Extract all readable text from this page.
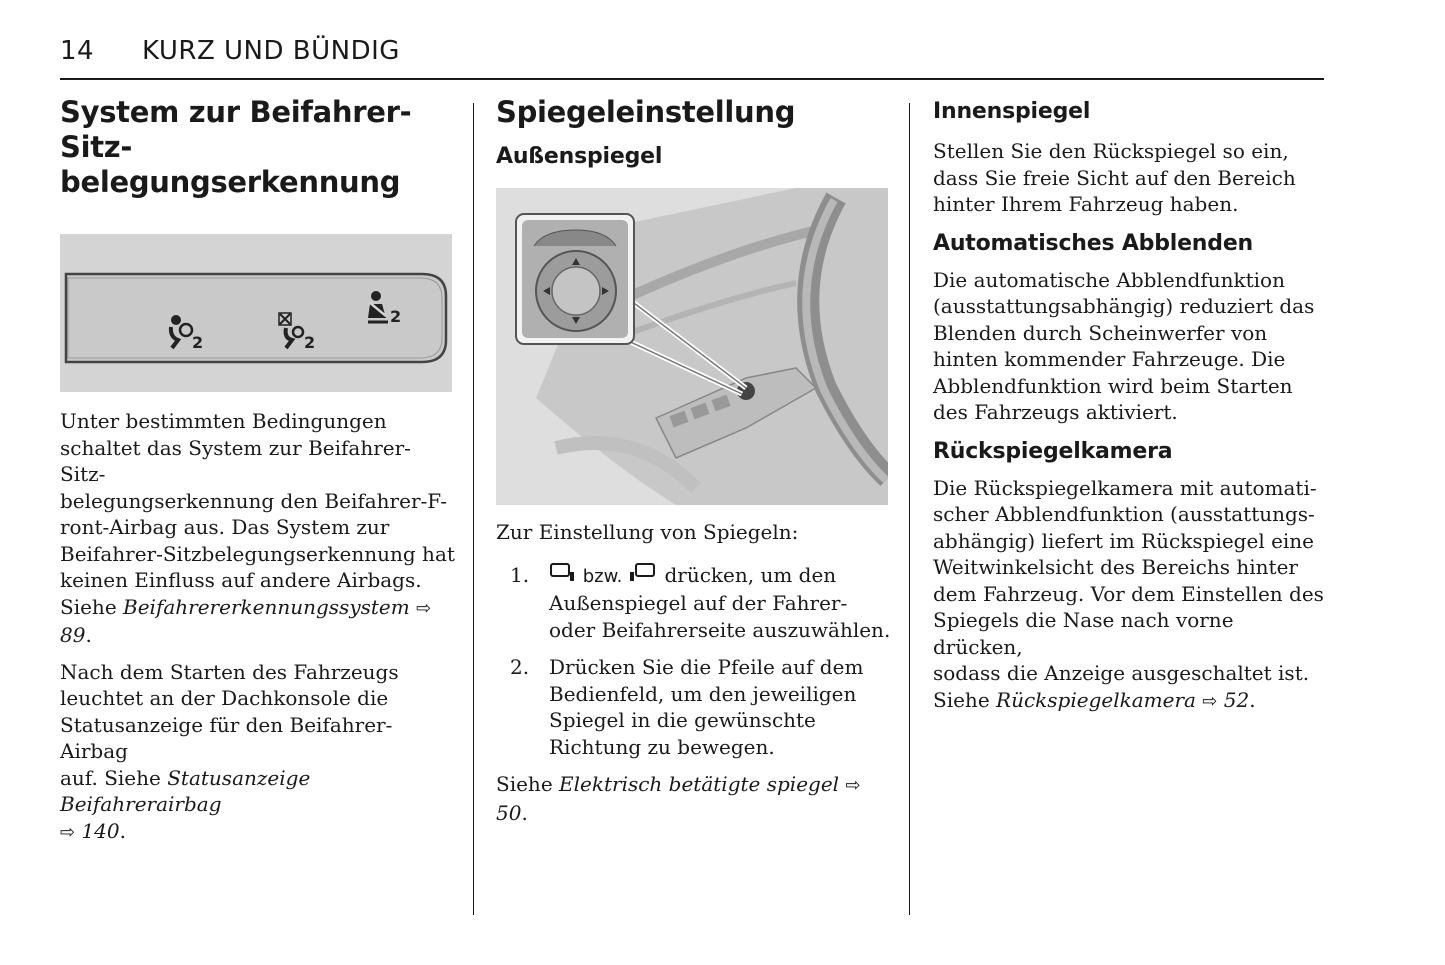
14 KURZ UND BÜNDIG
System zur Beifahrer-Sitz-
belegungserkennung
2	2
2

Unter bestimmten Bedingungen
schaltet das System zur Beifahrer-Sitz-
belegungserkennung den Beifahrer-F-
ront-Airbag aus. Das System zur
Beifahrer-Sitzbelegungserkennung hat
keinen Einfluss auf andere Airbags.
Siehe Beifahrererkennungssystem ⇨ 89.

Nach dem Starten des Fahrzeugs
leuchtet an der Dachkonsole die
Statusanzeige für den Beifahrer-Airbag
auf. Siehe Statusanzeige Beifahrerairbag
⇨ 140.

Spiegeleinstellung
Außenspiegel

Zur Einstellung von Spiegeln:

1.	bzw.  drücken, um den
Außenspiegel auf der Fahrer-
oder Beifahrerseite auszuwählen.
2. Drücken Sie die Pfeile auf dem
Bedienfeld, um den jeweiligen
Spiegel in die gewünschte
Richtung zu bewegen.

Siehe Elektrisch betätigte spiegel ⇨ 50.

Innenspiegel

Stellen Sie den Rückspiegel so ein,
dass Sie freie Sicht auf den Bereich
hinter Ihrem Fahrzeug haben.

Automatisches Abblenden

Die automatische Abblendfunktion
(ausstattungsabhängig) reduziert das
Blenden durch Scheinwerfer von
hinten kommender Fahrzeuge. Die
Abblendfunktion wird beim Starten
des Fahrzeugs aktiviert.

Rückspiegelkamera

Die Rückspiegelkamera mit automati-
scher Abblendfunktion (ausstattungs-
abhängig) liefert im Rückspiegel eine
Weitwinkelsicht des Bereichs hinter
dem Fahrzeug. Vor dem Einstellen des
Spiegels die Nase nach vorne drücken,
sodass die Anzeige ausgeschaltet ist.
Siehe Rückspiegelkamera ⇨ 52.
